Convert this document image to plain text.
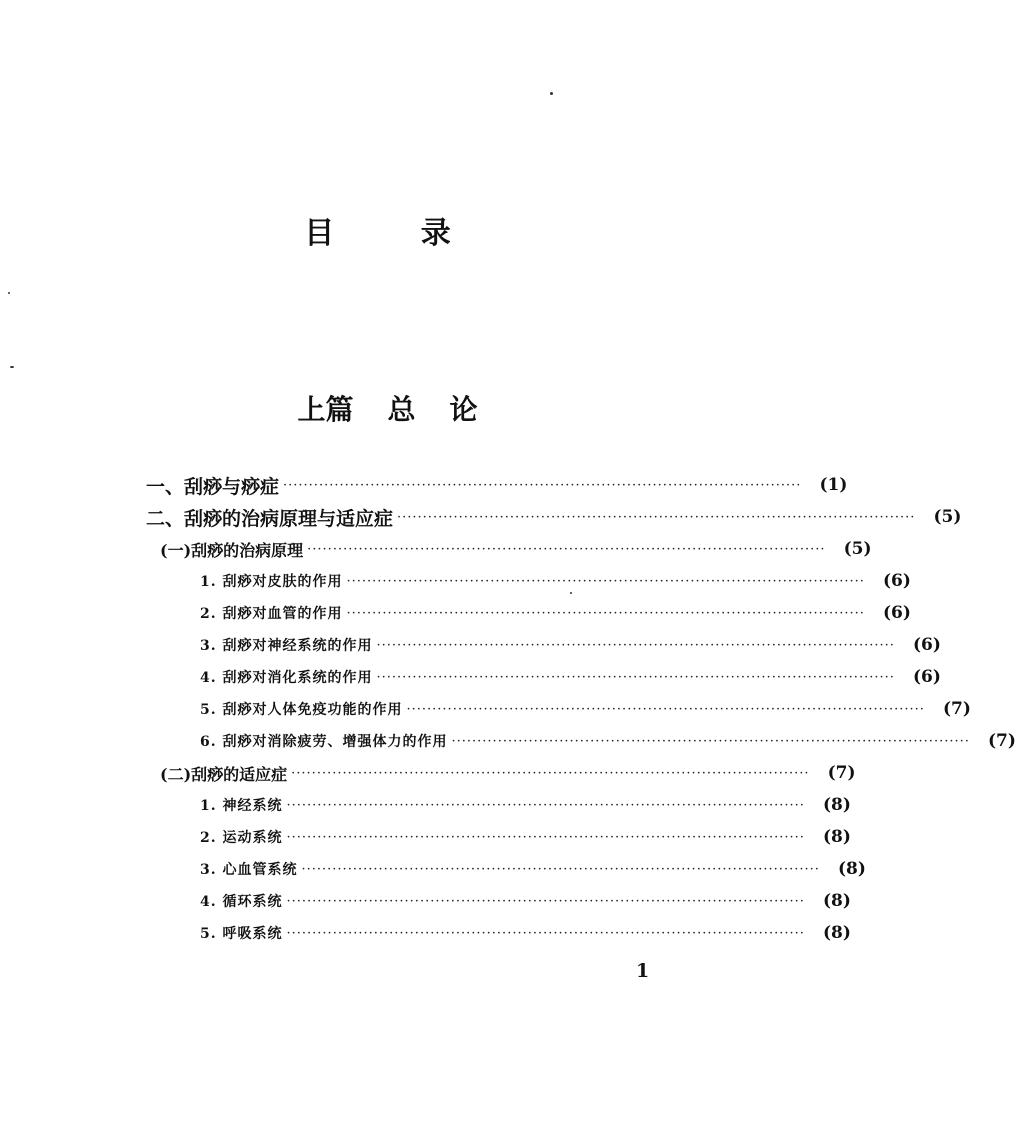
目 录
上篇 总 论
一、刮痧与痧症 ·····································································································	(1)
二、刮痧的治病原理与适应症 ·····································································································	(5)
(一)刮痧的治病原理 ·····································································································	(5)
1. 刮痧对皮肤的作用 ·····································································································	(6)
2. 刮痧对血管的作用 ·····································································································	(6)
3. 刮痧对神经系统的作用 ·····································································································	(6)
4. 刮痧对消化系统的作用 ·····································································································	(6)
5. 刮痧对人体免疫功能的作用 ·····································································································	(7)
6. 刮痧对消除疲劳、增强体力的作用 ·····································································································	(7)
(二)刮痧的适应症 ·····································································································	(7)
1. 神经系统 ·····································································································	(8)
2. 运动系统 ·····································································································	(8)
3. 心血管系统 ·····································································································	(8)
4. 循环系统 ·····································································································	(8)
5. 呼吸系统 ·····································································································	(8)
1
